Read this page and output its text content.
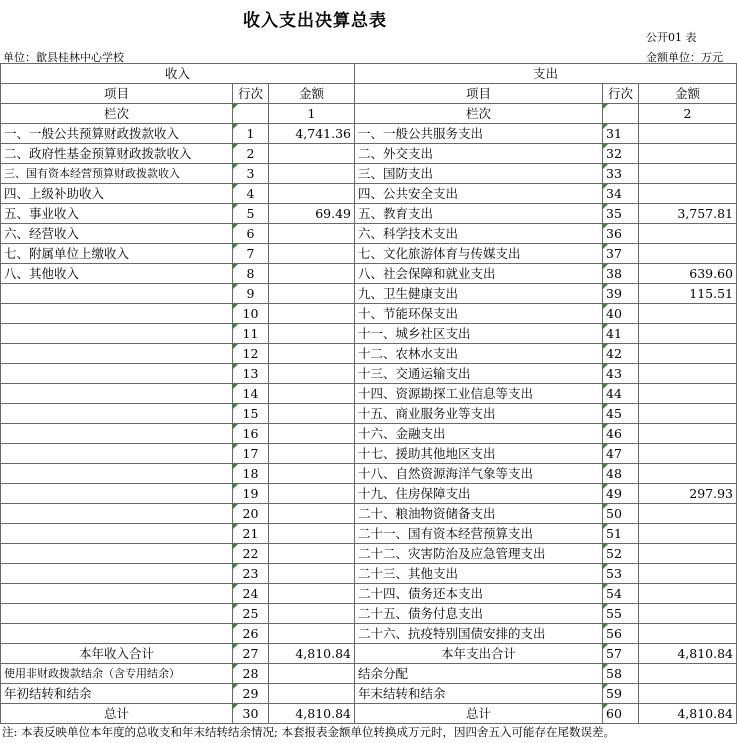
收入支出决算总表
公开01 表
单位：歙县桂林中心学校	金额单位：万元
收入			支出		
项目	行次	金额	项目	行次	金额
栏次		1	栏次		2
一、一般公共预算财政拨款收入	1	4,741.36	一、一般公共服务支出	31	
二、政府性基金预算财政拨款收入	2		二、外交支出	32	
三、国有资本经营预算财政拨款收入	3		三、国防支出	33	
四、上级补助收入	4		四、公共安全支出	34	
五、事业收入	5	69.49	五、教育支出	35	3,757.81
六、经营收入	6		六、科学技术支出	36	
七、附属单位上缴收入	7		七、文化旅游体育与传媒支出	37	
八、其他收入	8		八、社会保障和就业支出	38	639.60
	9		九、卫生健康支出	39	115.51
	10		十、节能环保支出	40	
	11		十一、城乡社区支出	41	
	12		十二、农林水支出	42	
	13		十三、交通运输支出	43	
	14		十四、资源勘探工业信息等支出	44	
	15		十五、商业服务业等支出	45	
	16		十六、金融支出	46	
	17		十七、援助其他地区支出	47	
	18		十八、自然资源海洋气象等支出	48	
	19		十九、住房保障支出	49	297.93
	20		二十、粮油物资储备支出	50	
	21		二十一、国有资本经营预算支出	51	
	22		二十二、灾害防治及应急管理支出	52	
	23		二十三、其他支出	53	
	24		二十四、债务还本支出	54	
	25		二十五、债务付息支出	55	
	26		二十六、抗疫特别国债安排的支出	56	
本年收入合计	27	4,810.84	本年支出合计	57	4,810.84
使用非财政拨款结余（含专用结余）	28		结余分配	58	
年初结转和结余	29		年末结转和结余	59	
总计	30	4,810.84	总计	60	4,810.84
注: 本表反映单位本年度的总收支和年末结转结余情况; 本套报表金额单位转换成万元时，因四舍五入可能存在尾数误差。
